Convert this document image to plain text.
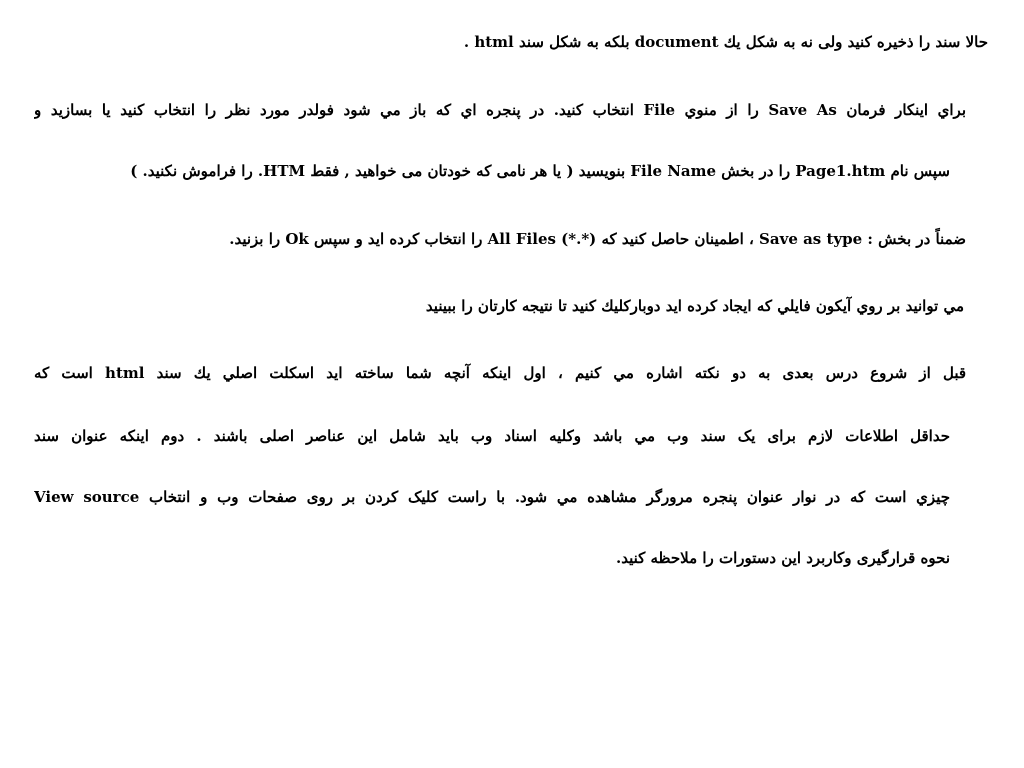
حالا سند را ذخيره كنيد ولی نه به شكل يك document بلكه به شكل سند html .
براي اينكار فرمان Save As را از منوي File انتخاب كنيد. در پنجره اي كه باز مي شود فولدر مورد نظر را انتخاب كنيد يا بسازيد و
سپس نام Page1.htm را در بخش File Name بنويسيد ( يا هر نامی كه خودتان می خواهيد , فقط HTM. را فراموش نكنيد. )
ضمناً در بخش : Save as type ، اطمينان حاصل كنيد كه (*.*) All Files را انتخاب كرده ايد و سپس Ok را بزنيد.
مي توانيد بر روي آيكون فايلي كه ايجاد كرده ايد دوباركليك كنيد تا نتيجه كارتان را ببينيد
قبل از شروع درس بعدی به دو نكته اشاره مي كنيم ، اول اينكه آنچه شما ساخته ايد اسكلت اصلي يك سند html است كه
حداقل اطلاعات لازم برای یک سند وب مي باشد وكليه اسناد وب بايد شامل اين عناصر اصلی باشند . دوم اينكه عنوان سند
چيزي است كه در نوار عنوان پنجره مرورگر مشاهده مي شود. با راست كليک كردن بر روی صفحات وب و انتخاب View source
نحوه قرارگيری وكاربرد اين دستورات را ملاحظه كنيد.
